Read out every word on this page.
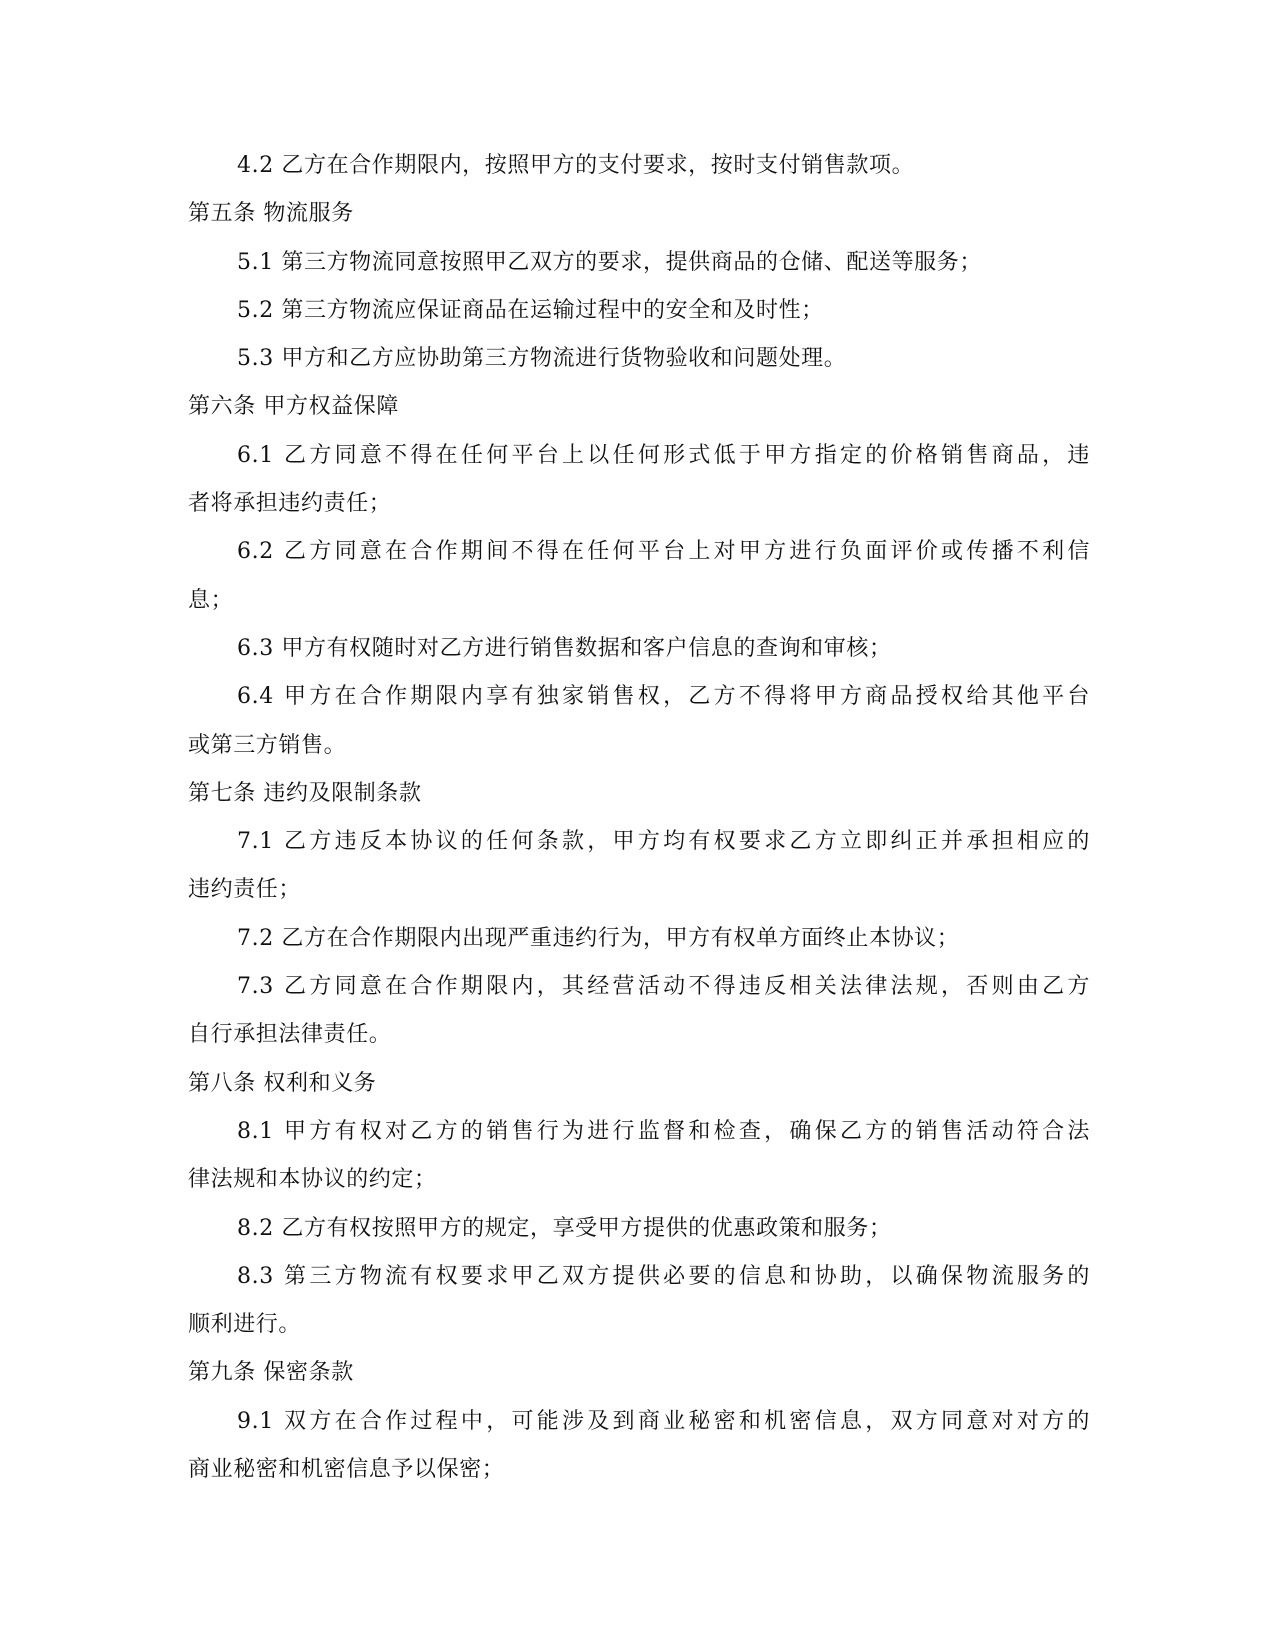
4.2 乙方在合作期限内，按照甲方的支付要求，按时支付销售款项。
第五条 物流服务
5.1 第三方物流同意按照甲乙双方的要求，提供商品的仓储、配送等服务；
5.2 第三方物流应保证商品在运输过程中的安全和及时性；
5.3 甲方和乙方应协助第三方物流进行货物验收和问题处理。
第六条 甲方权益保障
6.1 乙方同意不得在任何平台上以任何形式低于甲方指定的价格销售商品，违
者将承担违约责任；
6.2 乙方同意在合作期间不得在任何平台上对甲方进行负面评价或传播不利信
息；
6.3 甲方有权随时对乙方进行销售数据和客户信息的查询和审核；
6.4 甲方在合作期限内享有独家销售权，乙方不得将甲方商品授权给其他平台
或第三方销售。
第七条 违约及限制条款
7.1 乙方违反本协议的任何条款，甲方均有权要求乙方立即纠正并承担相应的
违约责任；
7.2 乙方在合作期限内出现严重违约行为，甲方有权单方面终止本协议；
7.3 乙方同意在合作期限内，其经营活动不得违反相关法律法规，否则由乙方
自行承担法律责任。
第八条 权利和义务
8.1 甲方有权对乙方的销售行为进行监督和检查，确保乙方的销售活动符合法
律法规和本协议的约定；
8.2 乙方有权按照甲方的规定，享受甲方提供的优惠政策和服务；
8.3 第三方物流有权要求甲乙双方提供必要的信息和协助，以确保物流服务的
顺利进行。
第九条 保密条款
9.1 双方在合作过程中，可能涉及到商业秘密和机密信息，双方同意对对方的
商业秘密和机密信息予以保密；
